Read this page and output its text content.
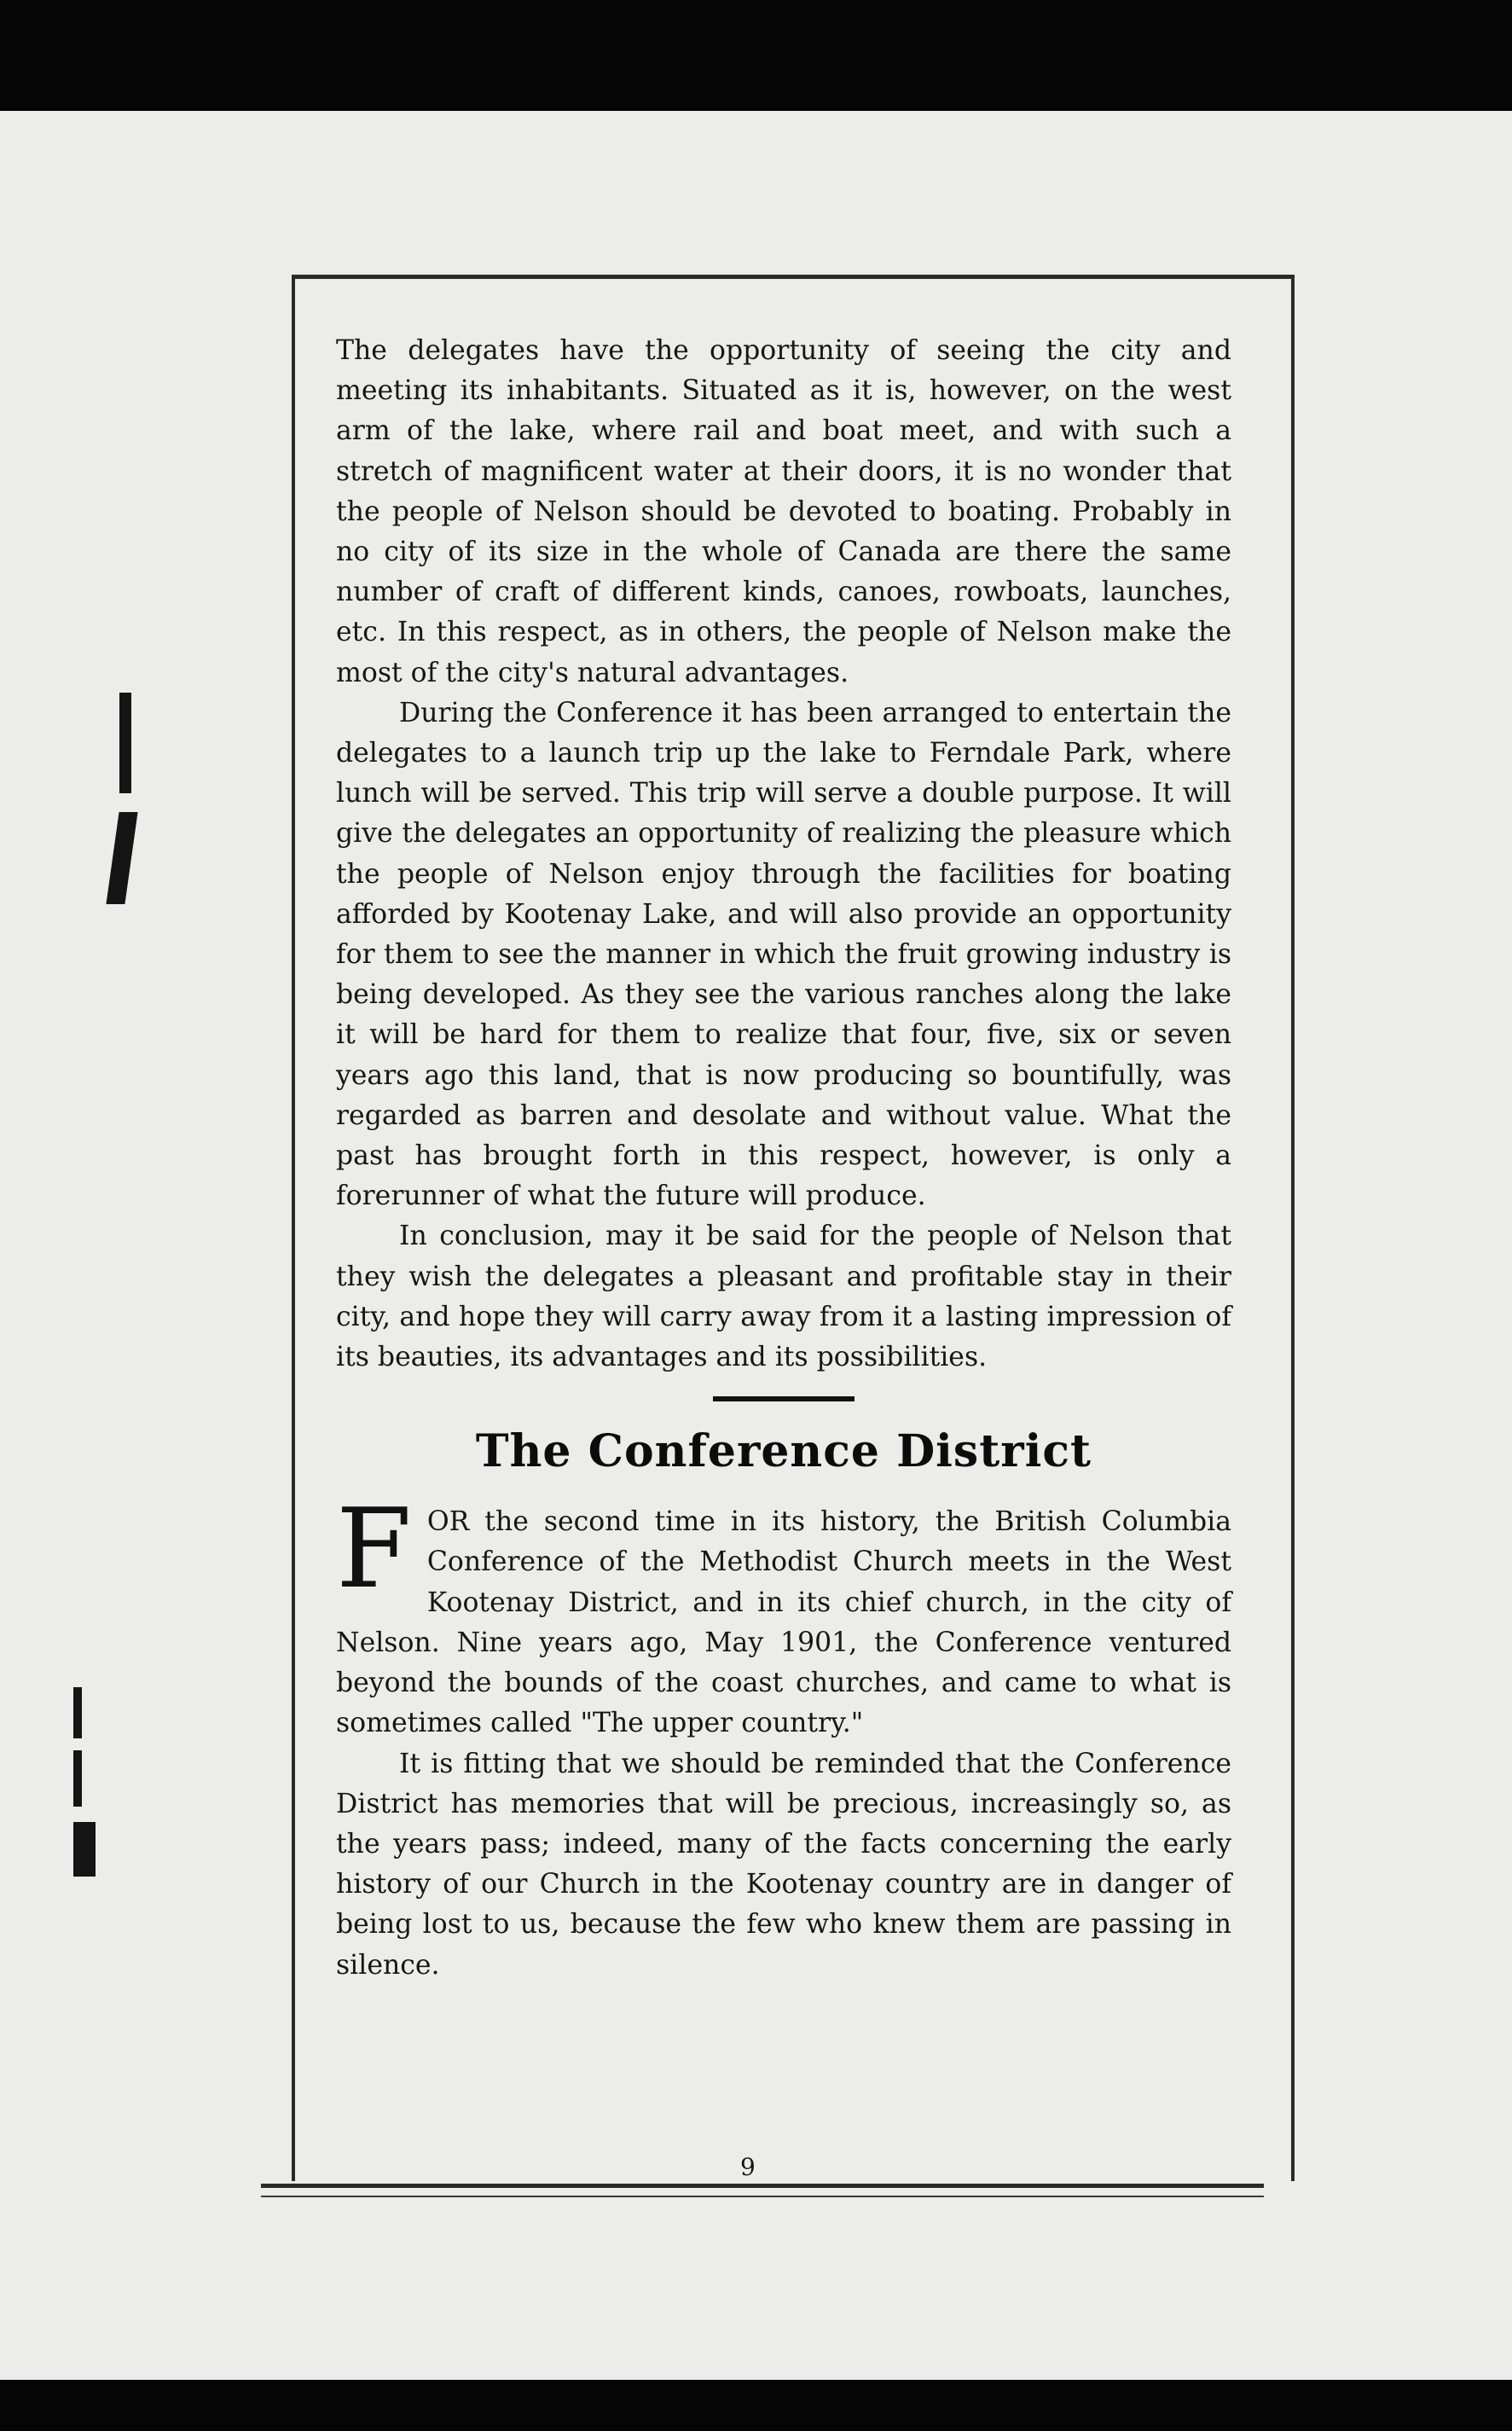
The delegates have the opportunity of seeing the city and meeting its inhabitants. Situated as it is, however, on the west arm of the lake, where rail and boat meet, and with such a stretch of magnificent water at their doors, it is no wonder that the people of Nelson should be devoted to boating. Probably in no city of its size in the whole of Canada are there the same number of craft of different kinds, canoes, rowboats, launches, etc. In this respect, as in others, the people of Nelson make the most of the city's natural advantages.

During the Conference it has been arranged to entertain the delegates to a launch trip up the lake to Ferndale Park, where lunch will be served. This trip will serve a double purpose. It will give the delegates an opportunity of realizing the pleasure which the people of Nelson enjoy through the facilities for boating afforded by Kootenay Lake, and will also provide an opportunity for them to see the manner in which the fruit growing industry is being developed. As they see the various ranches along the lake it will be hard for them to realize that four, five, six or seven years ago this land, that is now producing so bountifully, was regarded as barren and desolate and without value. What the past has brought forth in this respect, however, is only a forerunner of what the future will produce.

In conclusion, may it be said for the people of Nelson that they wish the delegates a pleasant and profitable stay in their city, and hope they will carry away from it a lasting impression of its beauties, its advantages and its possibilities.

The Conference District

F OR the second time in its history, the British Columbia Conference of the Methodist Church meets in the West Kootenay District, and in its chief church, in the city of Nelson. Nine years ago, May 1901, the Conference ventured beyond the bounds of the coast churches, and came to what is sometimes called "The upper country."

It is fitting that we should be reminded that the Conference District has memories that will be precious, increasingly so, as the years pass; indeed, many of the facts concerning the early history of our Church in the Kootenay country are in danger of being lost to us, because the few who knew them are passing in silence.

9
